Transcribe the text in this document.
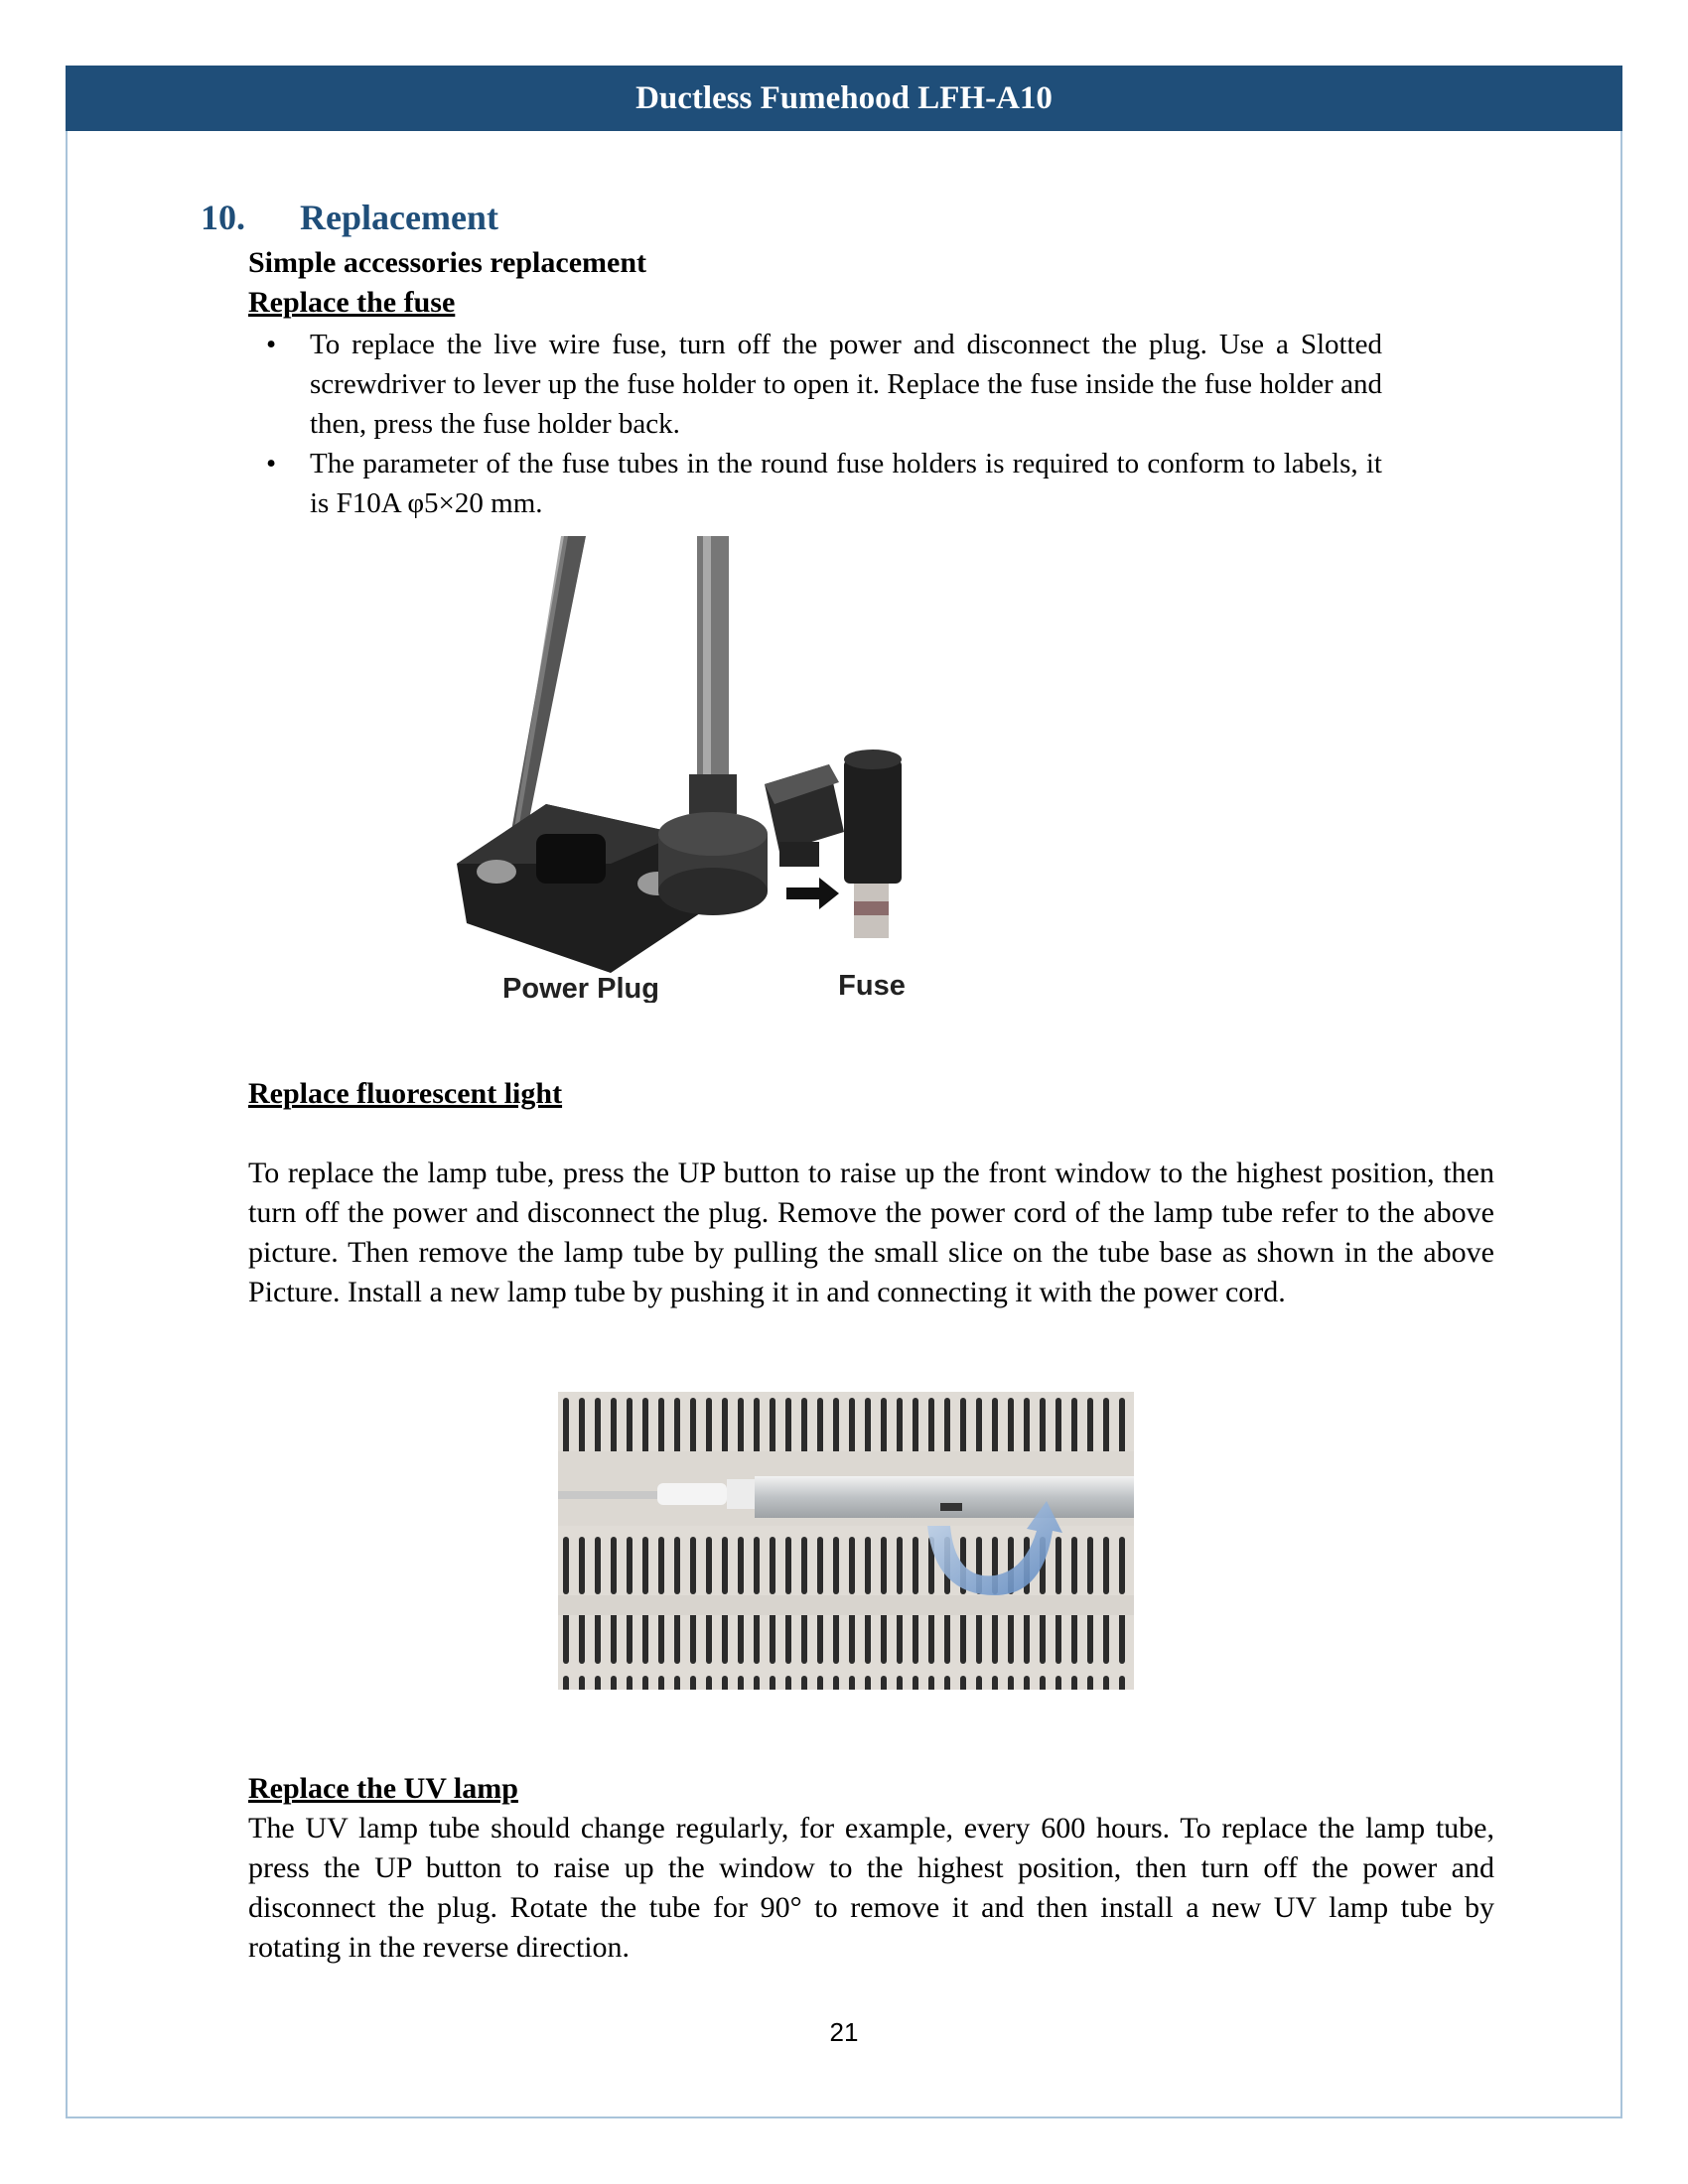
Ductless Fumehood LFH-A10
10. Replacement
Simple accessories replacement
Replace the fuse
• To replace the live wire fuse, turn off the power and disconnect the plug. Use a Slotted screwdriver to lever up the fuse holder to open it. Replace the fuse inside the fuse holder and then, press the fuse holder back.
• The parameter of the fuse tubes in the round fuse holders is required to conform to labels, it is F10A φ5×20 mm.
Power Plug	Fuse
Replace fluorescent light
To replace the lamp tube, press the UP button to raise up the front window to the highest position, then turn off the power and disconnect the plug. Remove the power cord of the lamp tube refer to the above picture. Then remove the lamp tube by pulling the small slice on the tube base as shown in the above Picture. Install a new lamp tube by pushing it in and connecting it with the power cord.
Replace the UV lamp
The UV lamp tube should change regularly, for example, every 600 hours. To replace the lamp tube, press the UP button to raise up the window to the highest position, then turn off the power and disconnect the plug. Rotate the tube for 90° to remove it and then install a new UV lamp tube by rotating in the reverse direction.
21
